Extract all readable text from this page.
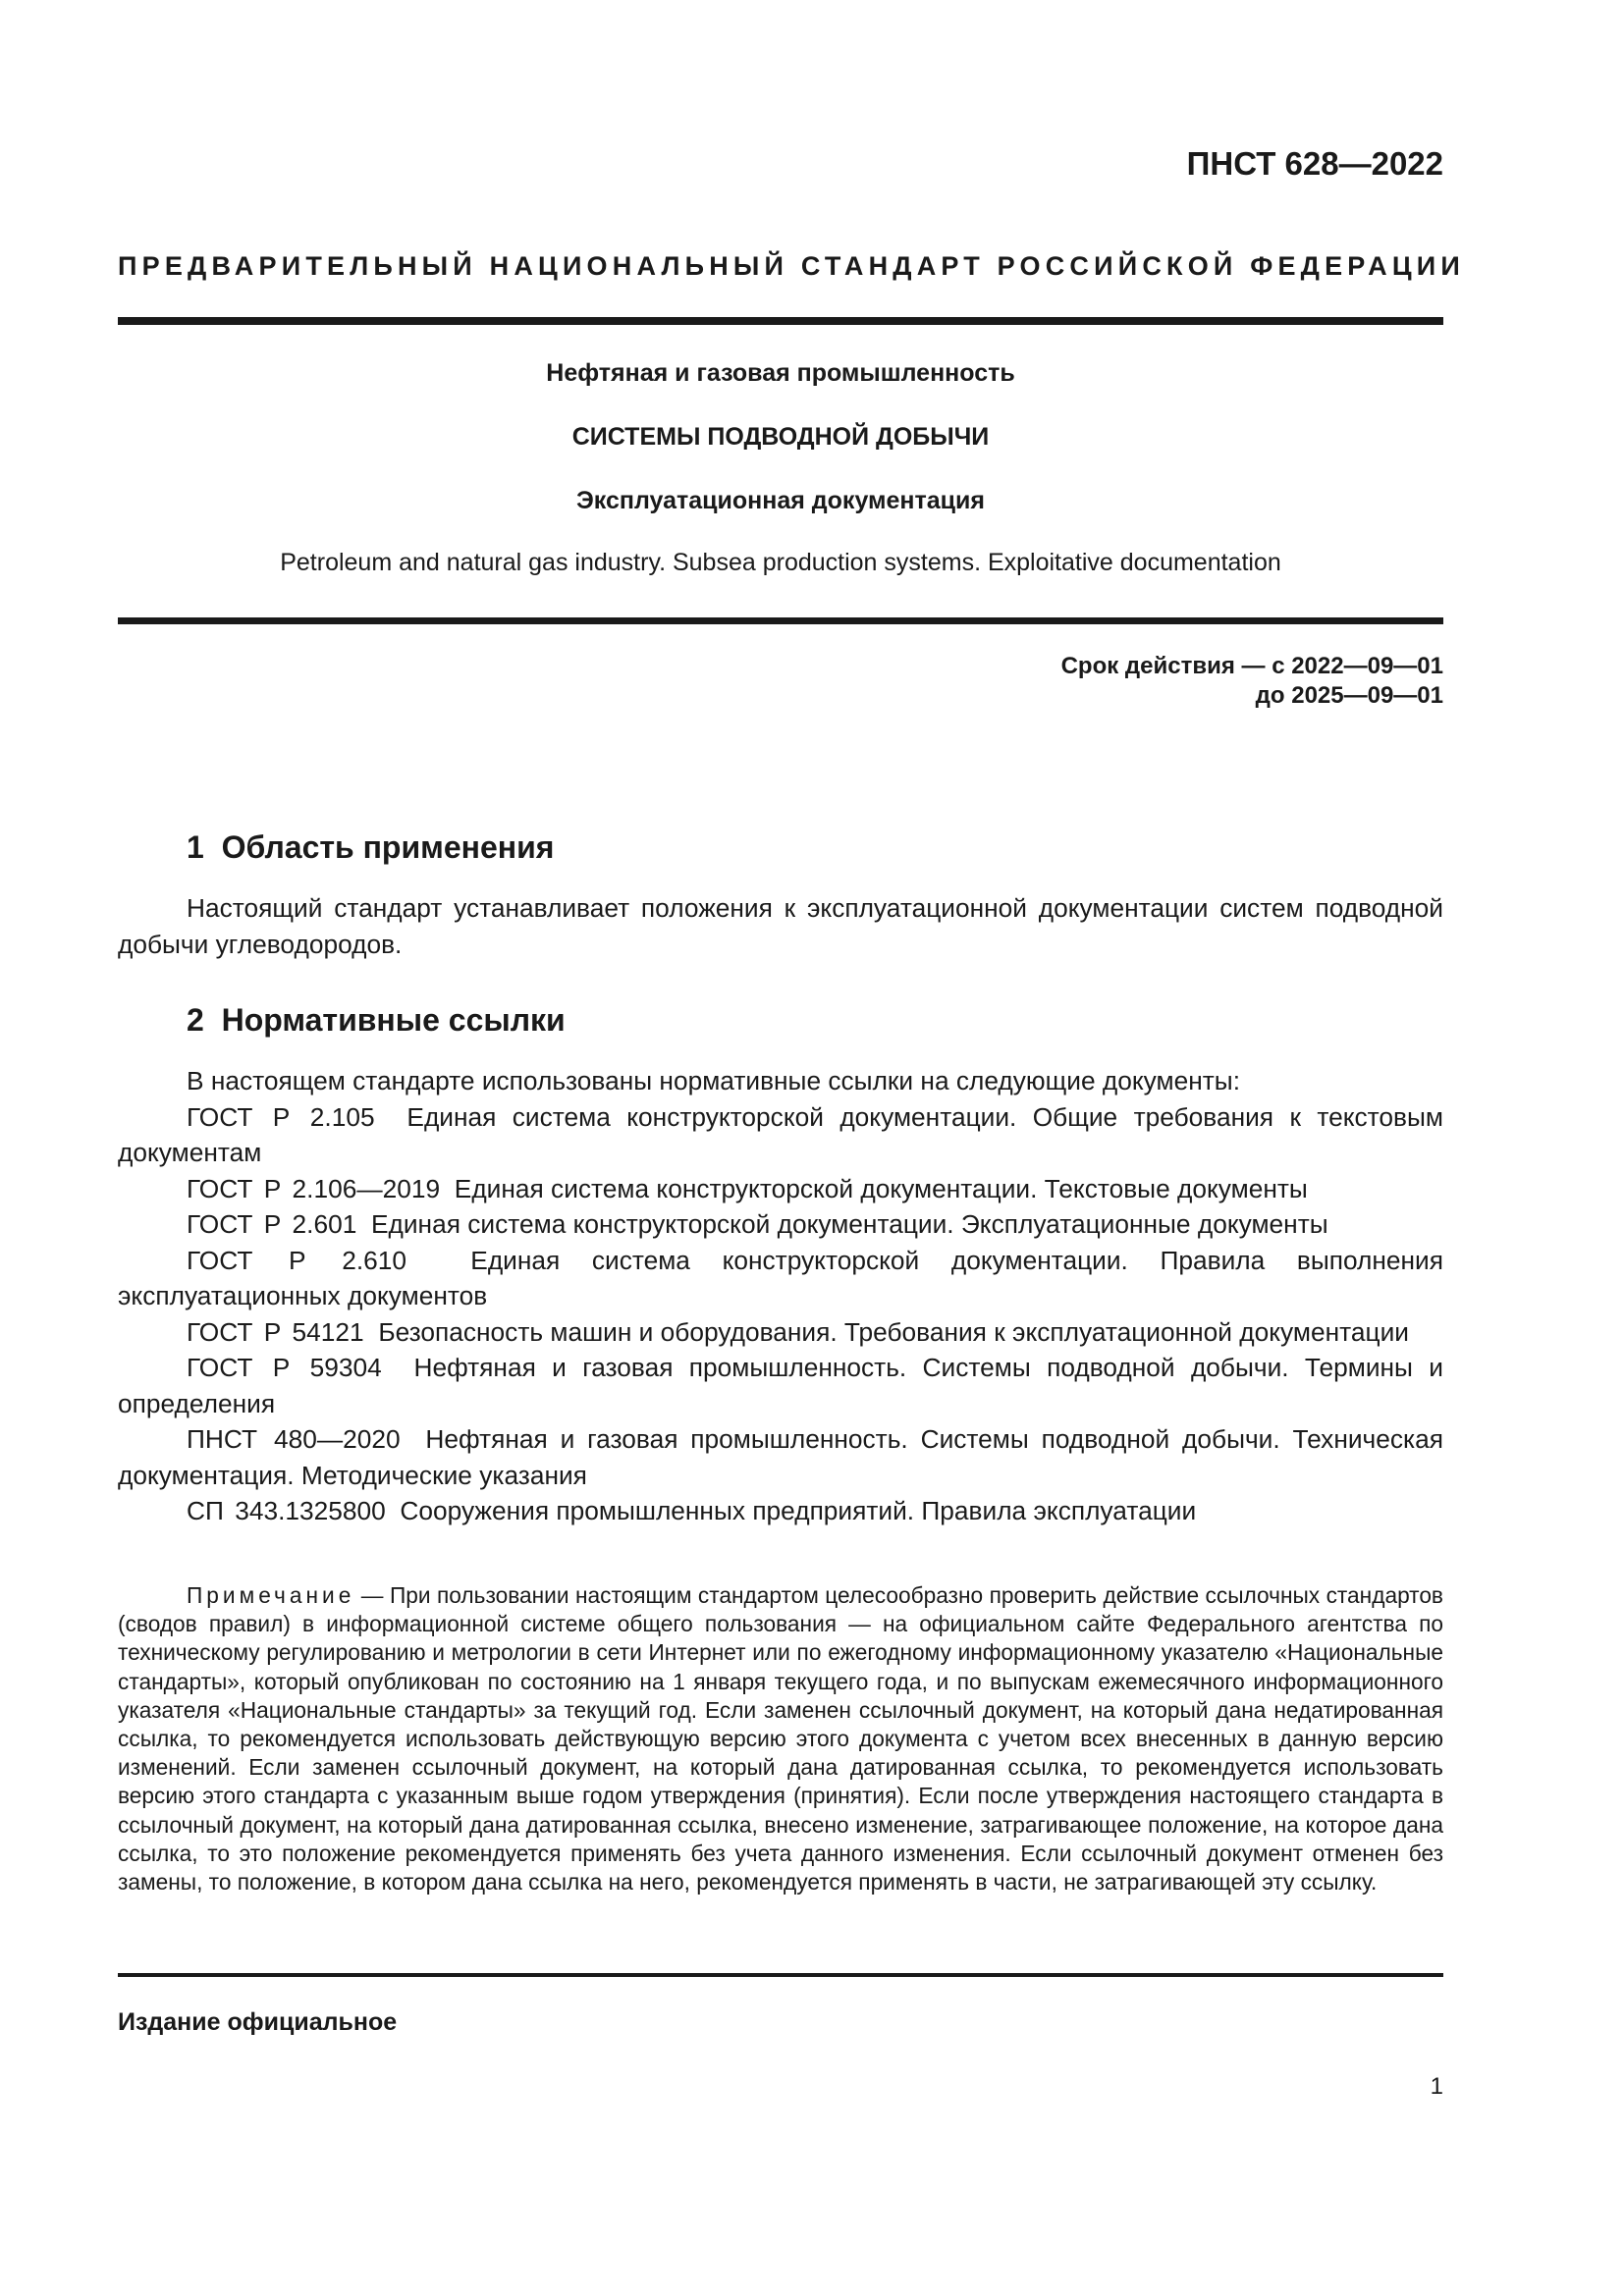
ПНСТ 628—2022
ПРЕДВАРИТЕЛЬНЫЙ НАЦИОНАЛЬНЫЙ СТАНДАРТ РОССИЙСКОЙ ФЕДЕРАЦИИ
Нефтяная и газовая промышленность
СИСТЕМЫ ПОДВОДНОЙ ДОБЫЧИ
Эксплуатационная документация
Petroleum and natural gas industry. Subsea production systems. Exploitative documentation
Срок действия — с 2022—09—01
до 2025—09—01
1  Область применения

Настоящий стандарт устанавливает положения к эксплуатационной документации систем подводной добычи углеводородов.

2  Нормативные ссылки

В настоящем стандарте использованы нормативные ссылки на следующие документы:

ГОСТ Р 2.105 Единая система конструкторской документации. Общие требования к текстовым документам

ГОСТ Р 2.106—2019 Единая система конструкторской документации. Текстовые документы

ГОСТ Р 2.601 Единая система конструкторской документации. Эксплуатационные документы

ГОСТ Р 2.610 Единая система конструкторской документации. Правила выполнения эксплуатационных документов

ГОСТ Р 54121 Безопасность машин и оборудования. Требования к эксплуатационной документации

ГОСТ Р 59304 Нефтяная и газовая промышленность. Системы подводной добычи. Термины и определения

ПНСТ 480—2020 Нефтяная и газовая промышленность. Системы подводной добычи. Техническая документация. Методические указания

СП 343.1325800 Сооружения промышленных предприятий. Правила эксплуатации

Примечание — При пользовании настоящим стандартом целесообразно проверить действие ссылочных стандартов (сводов правил) в информационной системе общего пользования — на официальном сайте Федерального агентства по техническому регулированию и метрологии в сети Интернет или по ежегодному информационному указателю «Национальные стандарты», который опубликован по состоянию на 1 января текущего года, и по выпускам ежемесячного информационного указателя «Национальные стандарты» за текущий год. Если заменен ссылочный документ, на который дана недатированная ссылка, то рекомендуется использовать действующую версию этого документа с учетом всех внесенных в данную версию изменений. Если заменен ссылочный документ, на который дана датированная ссылка, то рекомендуется использовать версию этого стандарта с указанным выше годом утверждения (принятия). Если после утверждения настоящего стандарта в ссылочный документ, на который дана датированная ссылка, внесено изменение, затрагивающее положение, на которое дана ссылка, то это положение рекомендуется применять без учета данного изменения. Если ссылочный документ отменен без замены, то положение, в котором дана ссылка на него, рекомендуется применять в части, не затрагивающей эту ссылку.

Издание официальное
1
